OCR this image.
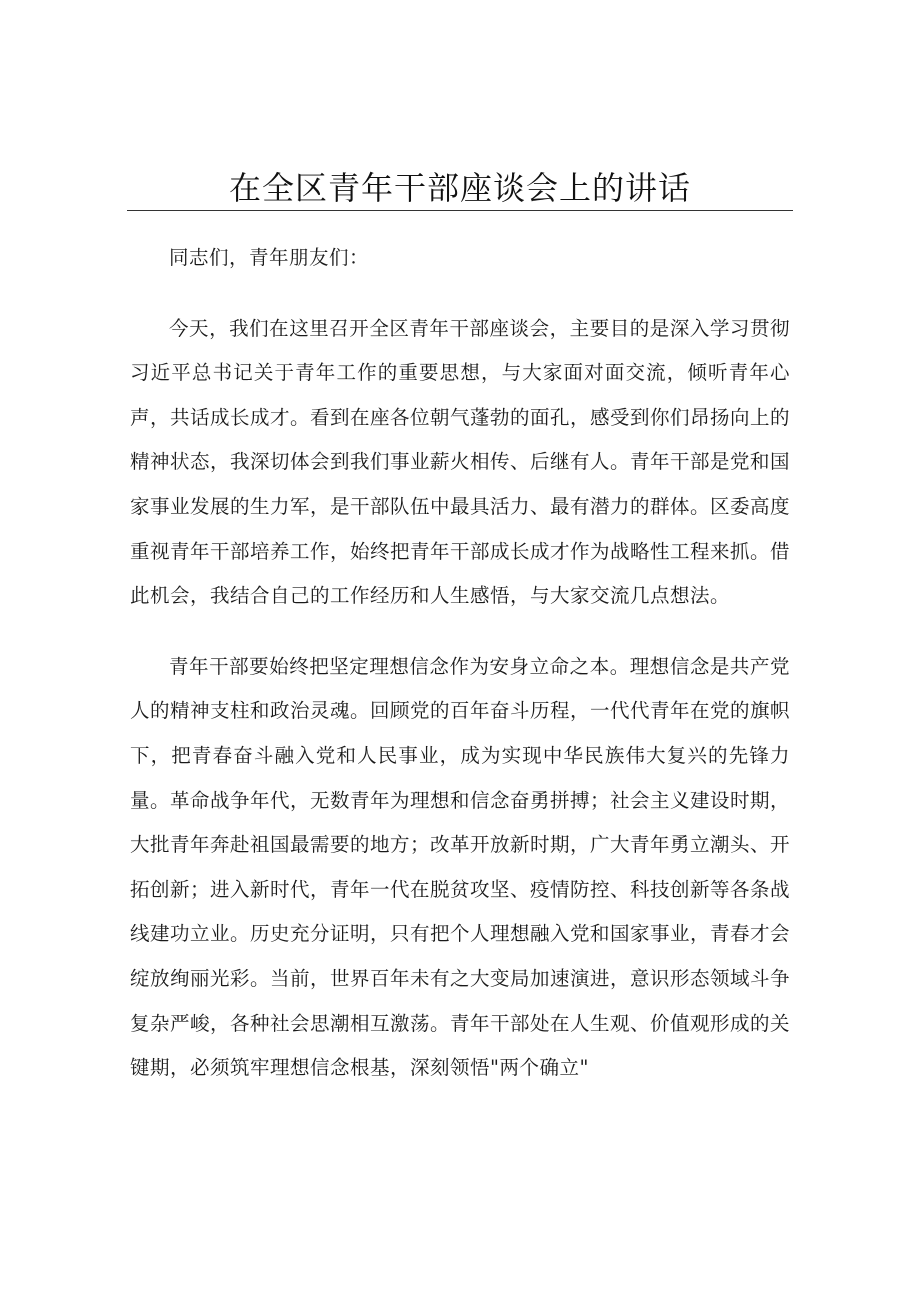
在全区青年干部座谈会上的讲话

同志们，青年朋友们：

今天，我们在这里召开全区青年干部座谈会，主要目的是深入学习贯彻习近平总书记关于青年工作的重要思想，与大家面对面交流，倾听青年心声，共话成长成才。看到在座各位朝气蓬勃的面孔，感受到你们昂扬向上的精神状态，我深切体会到我们事业薪火相传、后继有人。青年干部是党和国家事业发展的生力军，是干部队伍中最具活力、最有潜力的群体。区委高度重视青年干部培养工作，始终把青年干部成长成才作为战略性工程来抓。借此机会，我结合自己的工作经历和人生感悟，与大家交流几点想法。

青年干部要始终把坚定理想信念作为安身立命之本。理想信念是共产党人的精神支柱和政治灵魂。回顾党的百年奋斗历程，一代代青年在党的旗帜下，把青春奋斗融入党和人民事业，成为实现中华民族伟大复兴的先锋力量。革命战争年代，无数青年为理想和信念奋勇拼搏；社会主义建设时期，大批青年奔赴祖国最需要的地方；改革开放新时期，广大青年勇立潮头、开拓创新；进入新时代，青年一代在脱贫攻坚、疫情防控、科技创新等各条战线建功立业。历史充分证明，只有把个人理想融入党和国家事业，青春才会绽放绚丽光彩。当前，世界百年未有之大变局加速演进，意识形态领域斗争复杂严峻，各种社会思潮相互激荡。青年干部处在人生观、价值观形成的关键期，必须筑牢理想信念根基，深刻领悟"两个确立"
